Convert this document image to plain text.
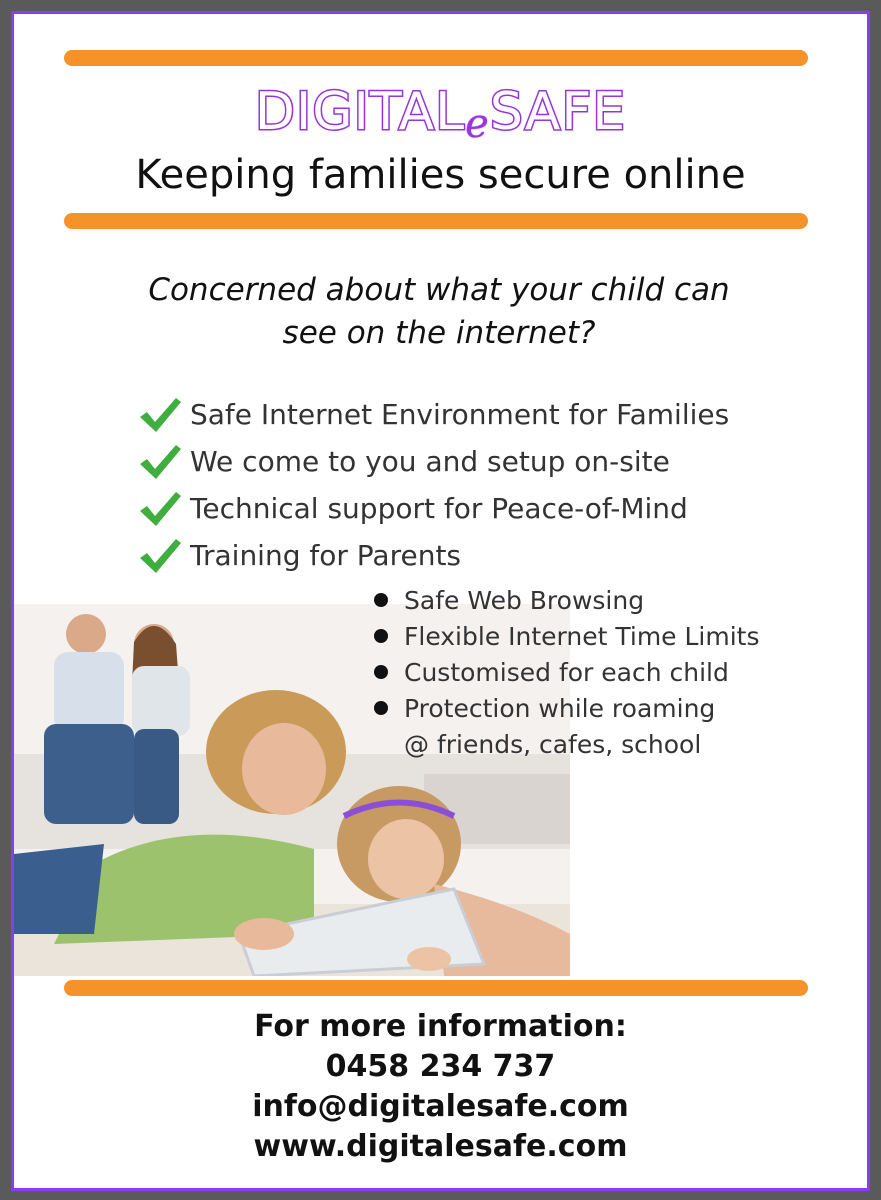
DIGITALeSAFE
Keeping families secure online
Concerned about what your child can
see on the internet?
Safe Internet Environment for Families
We come to you and setup on-site
Technical support for Peace-of-Mind
Training for Parents
Safe Web Browsing
Flexible Internet Time Limits
Customised for each child
Protection while roaming
@ friends, cafes, school
For more information:
0458 234 737
info@digitalesafe.com
www.digitalesafe.com
